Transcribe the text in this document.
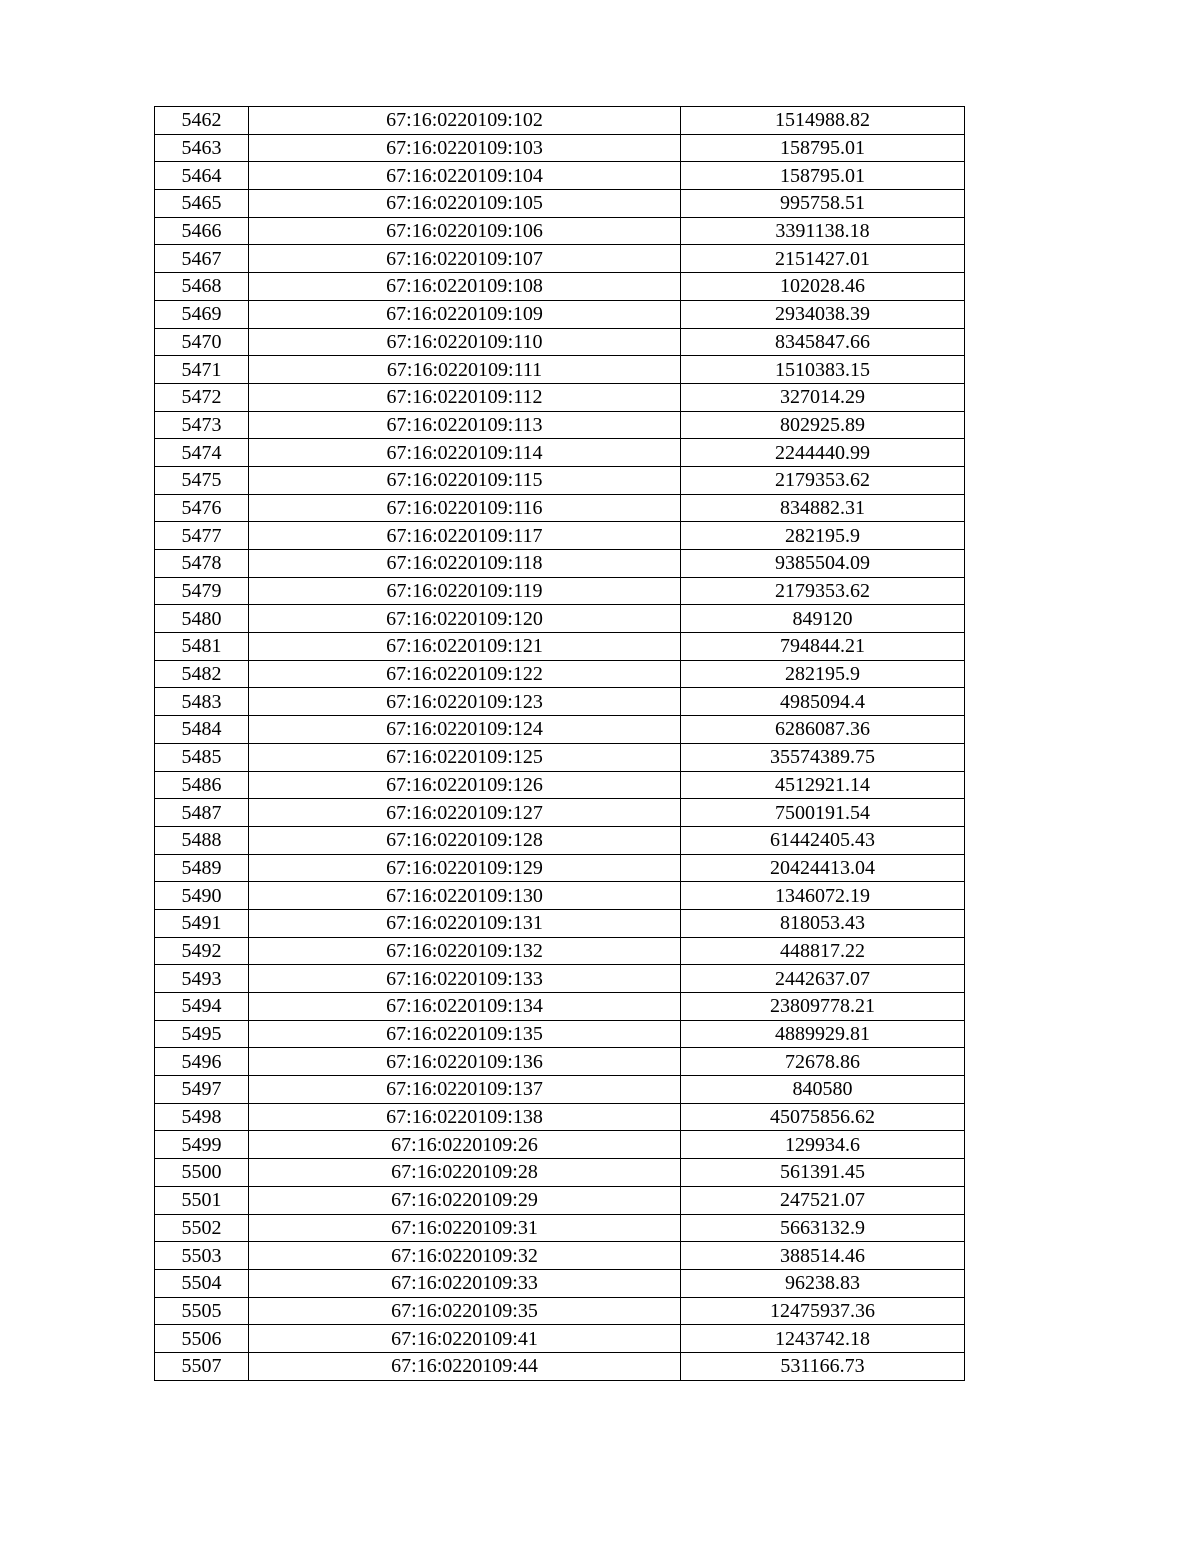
5462	67:16:0220109:102	1514988.82
5463	67:16:0220109:103	158795.01
5464	67:16:0220109:104	158795.01
5465	67:16:0220109:105	995758.51
5466	67:16:0220109:106	3391138.18
5467	67:16:0220109:107	2151427.01
5468	67:16:0220109:108	102028.46
5469	67:16:0220109:109	2934038.39
5470	67:16:0220109:110	8345847.66
5471	67:16:0220109:111	1510383.15
5472	67:16:0220109:112	327014.29
5473	67:16:0220109:113	802925.89
5474	67:16:0220109:114	2244440.99
5475	67:16:0220109:115	2179353.62
5476	67:16:0220109:116	834882.31
5477	67:16:0220109:117	282195.9
5478	67:16:0220109:118	9385504.09
5479	67:16:0220109:119	2179353.62
5480	67:16:0220109:120	849120
5481	67:16:0220109:121	794844.21
5482	67:16:0220109:122	282195.9
5483	67:16:0220109:123	4985094.4
5484	67:16:0220109:124	6286087.36
5485	67:16:0220109:125	35574389.75
5486	67:16:0220109:126	4512921.14
5487	67:16:0220109:127	7500191.54
5488	67:16:0220109:128	61442405.43
5489	67:16:0220109:129	20424413.04
5490	67:16:0220109:130	1346072.19
5491	67:16:0220109:131	818053.43
5492	67:16:0220109:132	448817.22
5493	67:16:0220109:133	2442637.07
5494	67:16:0220109:134	23809778.21
5495	67:16:0220109:135	4889929.81
5496	67:16:0220109:136	72678.86
5497	67:16:0220109:137	840580
5498	67:16:0220109:138	45075856.62
5499	67:16:0220109:26	129934.6
5500	67:16:0220109:28	561391.45
5501	67:16:0220109:29	247521.07
5502	67:16:0220109:31	5663132.9
5503	67:16:0220109:32	388514.46
5504	67:16:0220109:33	96238.83
5505	67:16:0220109:35	12475937.36
5506	67:16:0220109:41	1243742.18
5507	67:16:0220109:44	531166.73
